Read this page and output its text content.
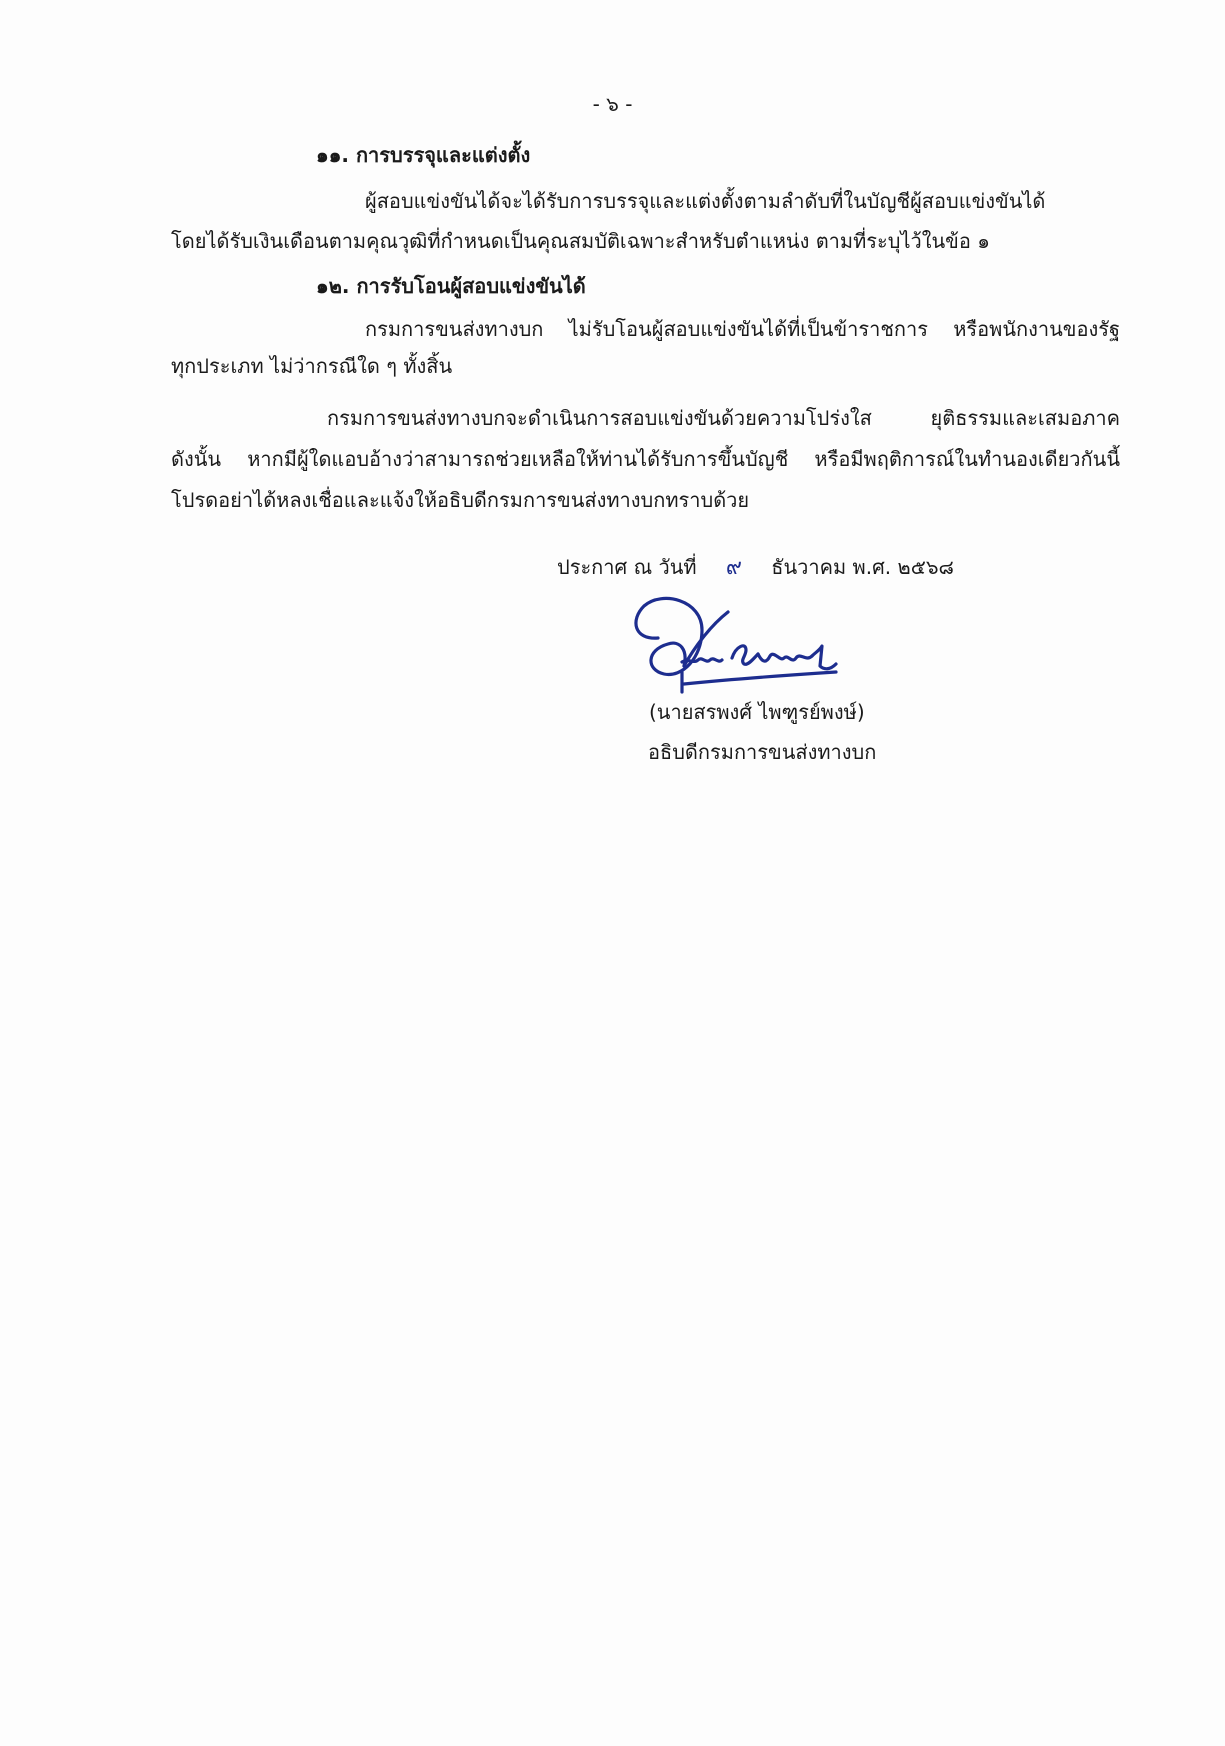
- ๖ -
๑๑. การบรรจุและแต่งตั้ง
ผู้สอบแข่งขันได้จะได้รับการบรรจุและแต่งตั้งตามลำดับที่ในบัญชีผู้สอบแข่งขันได้
โดยได้รับเงินเดือนตามคุณวุฒิที่กำหนดเป็นคุณสมบัติเฉพาะสำหรับตำแหน่ง ตามที่ระบุไว้ในข้อ ๑
๑๒. การรับโอนผู้สอบแข่งขันได้
กรมการขนส่งทางบก ไม่รับโอนผู้สอบแข่งขันได้ที่เป็นข้าราชการ หรือพนักงานของรัฐ
ทุกประเภท ไม่ว่ากรณีใด ๆ ทั้งสิ้น
กรมการขนส่งทางบกจะดำเนินการสอบแข่งขันด้วยความโปร่งใส ยุติธรรมและเสมอภาค
ดังนั้น หากมีผู้ใดแอบอ้างว่าสามารถช่วยเหลือให้ท่านได้รับการขึ้นบัญชี หรือมีพฤติการณ์ในทำนองเดียวกันนี้
โปรดอย่าได้หลงเชื่อและแจ้งให้อธิบดีกรมการขนส่งทางบกทราบด้วย
ประกาศ ณ วันที่ ๙ ธันวาคม พ.ศ. ๒๕๖๘
(นายสรพงศ์ ไพฑูรย์พงษ์)
อธิบดีกรมการขนส่งทางบก
